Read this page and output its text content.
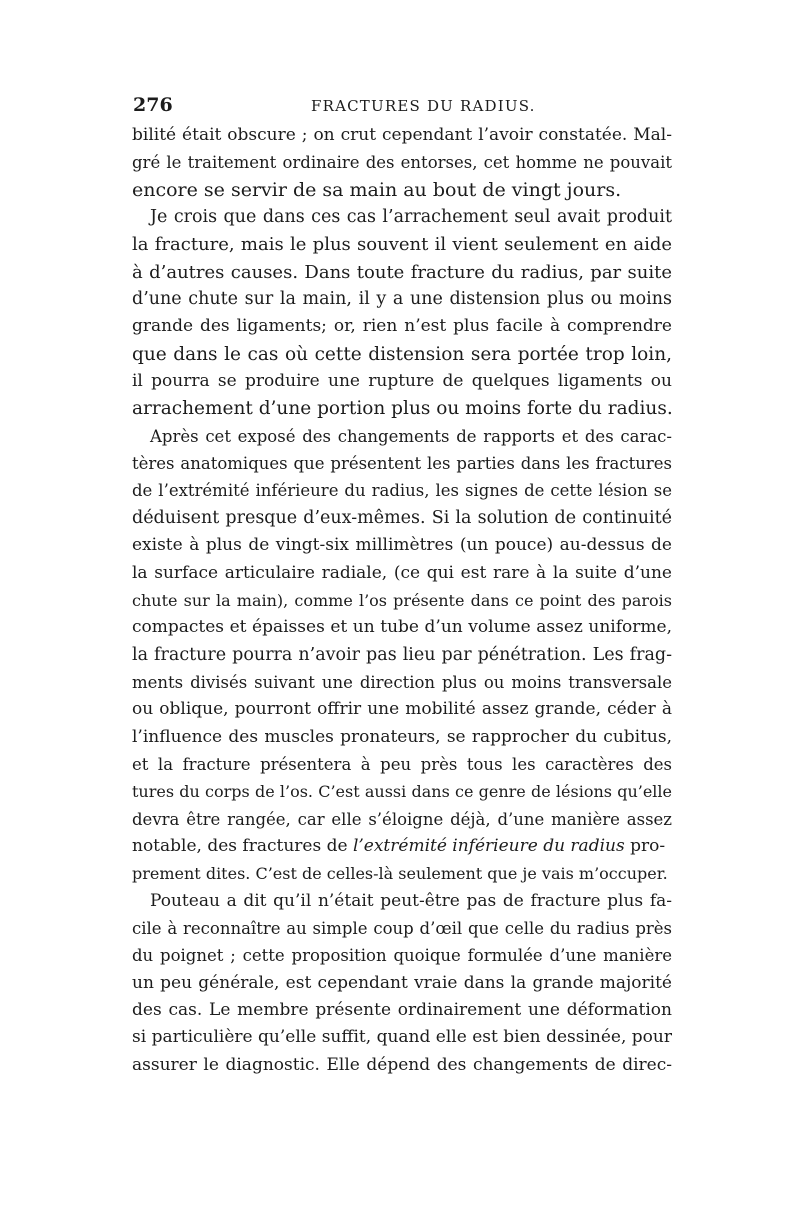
276	FRACTURES DU RADIUS.
bilité était obscure ; on crut cependant l’avoir constatée. Mal-
gré le traitement ordinaire des entorses, cet homme ne pouvait
encore se servir de sa main au bout de vingt jours.
Je crois que dans ces cas l’arrachement seul avait produit
la fracture, mais le plus souvent il vient seulement en aide
à d’autres causes. Dans toute fracture du radius, par suite
d’une chute sur la main, il y a une distension plus ou moins
grande des ligaments; or, rien n’est plus facile à comprendre
que dans le cas où cette distension sera portée trop loin,
il pourra se produire une rupture de quelques ligaments ou
arrachement d’une portion plus ou moins forte du radius.
Après cet exposé des changements de rapports et des carac-
tères anatomiques que présentent les parties dans les fractures
de l’extrémité inférieure du radius, les signes de cette lésion se
déduisent presque d’eux-mêmes. Si la solution de continuité
existe à plus de vingt-six millimètres (un pouce) au-dessus de
la surface articulaire radiale, (ce qui est rare à la suite d’une
chute sur la main), comme l’os présente dans ce point des parois
compactes et épaisses et un tube d’un volume assez uniforme,
la fracture pourra n’avoir pas lieu par pénétration. Les frag-
ments divisés suivant une direction plus ou moins transversale
ou oblique, pourront offrir une mobilité assez grande, céder à
l’influence des muscles pronateurs, se rapprocher du cubitus,
et la fracture présentera à peu près tous les caractères des
tures du corps de l’os. C’est aussi dans ce genre de lésions qu’elle
devra être rangée, car elle s’éloigne déjà, d’une manière assez
notable, des fractures de l’extrémité inférieure du radius pro-
prement dites. C’est de celles-là seulement que je vais m’occuper.
Pouteau a dit qu’il n’était peut-être pas de fracture plus fa-
cile à reconnaître au simple coup d’œil que celle du radius près
du poignet ; cette proposition quoique formulée d’une manière
un peu générale, est cependant vraie dans la grande majorité
des cas. Le membre présente ordinairement une déformation
si particulière qu’elle suffit, quand elle est bien dessinée, pour
assurer le diagnostic. Elle dépend des changements de direc-
